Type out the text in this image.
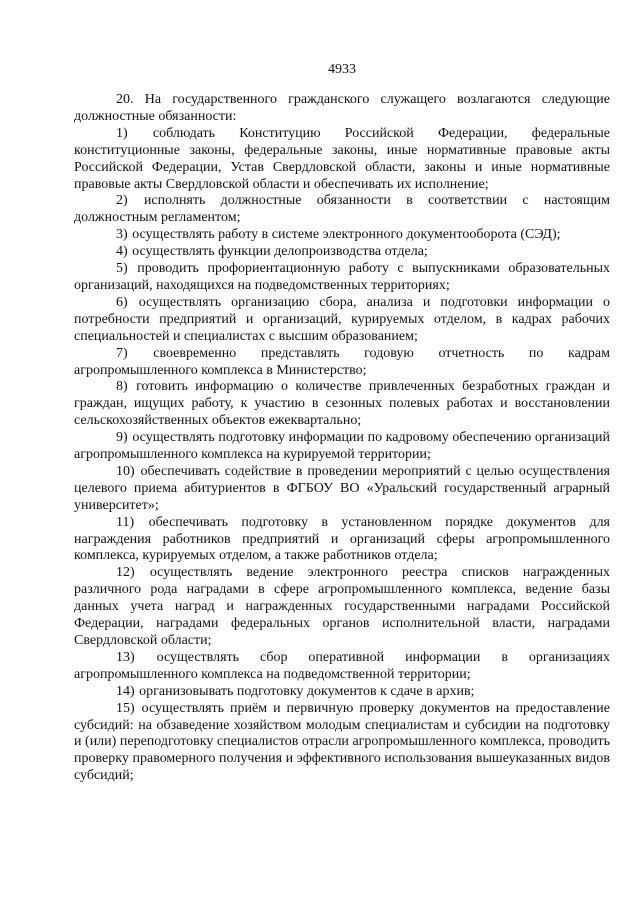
4933

20. На государственного гражданского служащего возлагаются следующие должностные обязанности:

1) соблюдать Конституцию Российской Федерации, федеральные конституционные законы, федеральные законы, иные нормативные правовые акты Российской Федерации, Устав Свердловской области, законы и иные нормативные правовые акты Свердловской области и обеспечивать их исполнение;

2) исполнять должностные обязанности в соответствии с настоящим должностным регламентом;

3) осуществлять работу в системе электронного документооборота (СЭД);

4) осуществлять функции делопроизводства отдела;

5) проводить профориентационную работу с выпускниками образовательных организаций, находящихся на подведомственных территориях;

6) осуществлять организацию сбора, анализа и подготовки информации о потребности предприятий и организаций, курируемых отделом, в кадрах рабочих специальностей и специалистах с высшим образованием;

7) своевременно представлять годовую отчетность по кадрам агропромышленного комплекса в Министерство;

8) готовить информацию о количестве привлеченных безработных граждан и граждан, ищущих работу, к участию в сезонных полевых работах и восстановлении сельскохозяйственных объектов ежеквартально;

9) осуществлять подготовку информации по кадровому обеспечению организаций агропромышленного комплекса на курируемой территории;

10) обеспечивать содействие в проведении мероприятий с целью осуществления целевого приема абитуриентов в ФГБОУ ВО «Уральский государственный аграрный университет»;

11) обеспечивать подготовку в установленном порядке документов для награждения работников предприятий и организаций сферы агропромышленного комплекса, курируемых отделом, а также работников отдела;

12) осуществлять ведение электронного реестра списков награжденных различного рода наградами в сфере агропромышленного комплекса, ведение базы данных учета наград и награжденных государственными наградами Российской Федерации, наградами федеральных органов исполнительной власти, наградами Свердловской области;

13) осуществлять сбор оперативной информации в организациях агропромышленного комплекса на подведомственной территории;

14) организовывать подготовку документов к сдаче в архив;

15) осуществлять приём и первичную проверку документов на предоставление субсидий: на обзаведение хозяйством молодым специалистам и субсидии на подготовку и (или) переподготовку специалистов отрасли агропромышленного комплекса, проводить проверку правомерного получения и эффективного использования вышеуказанных видов субсидий;
